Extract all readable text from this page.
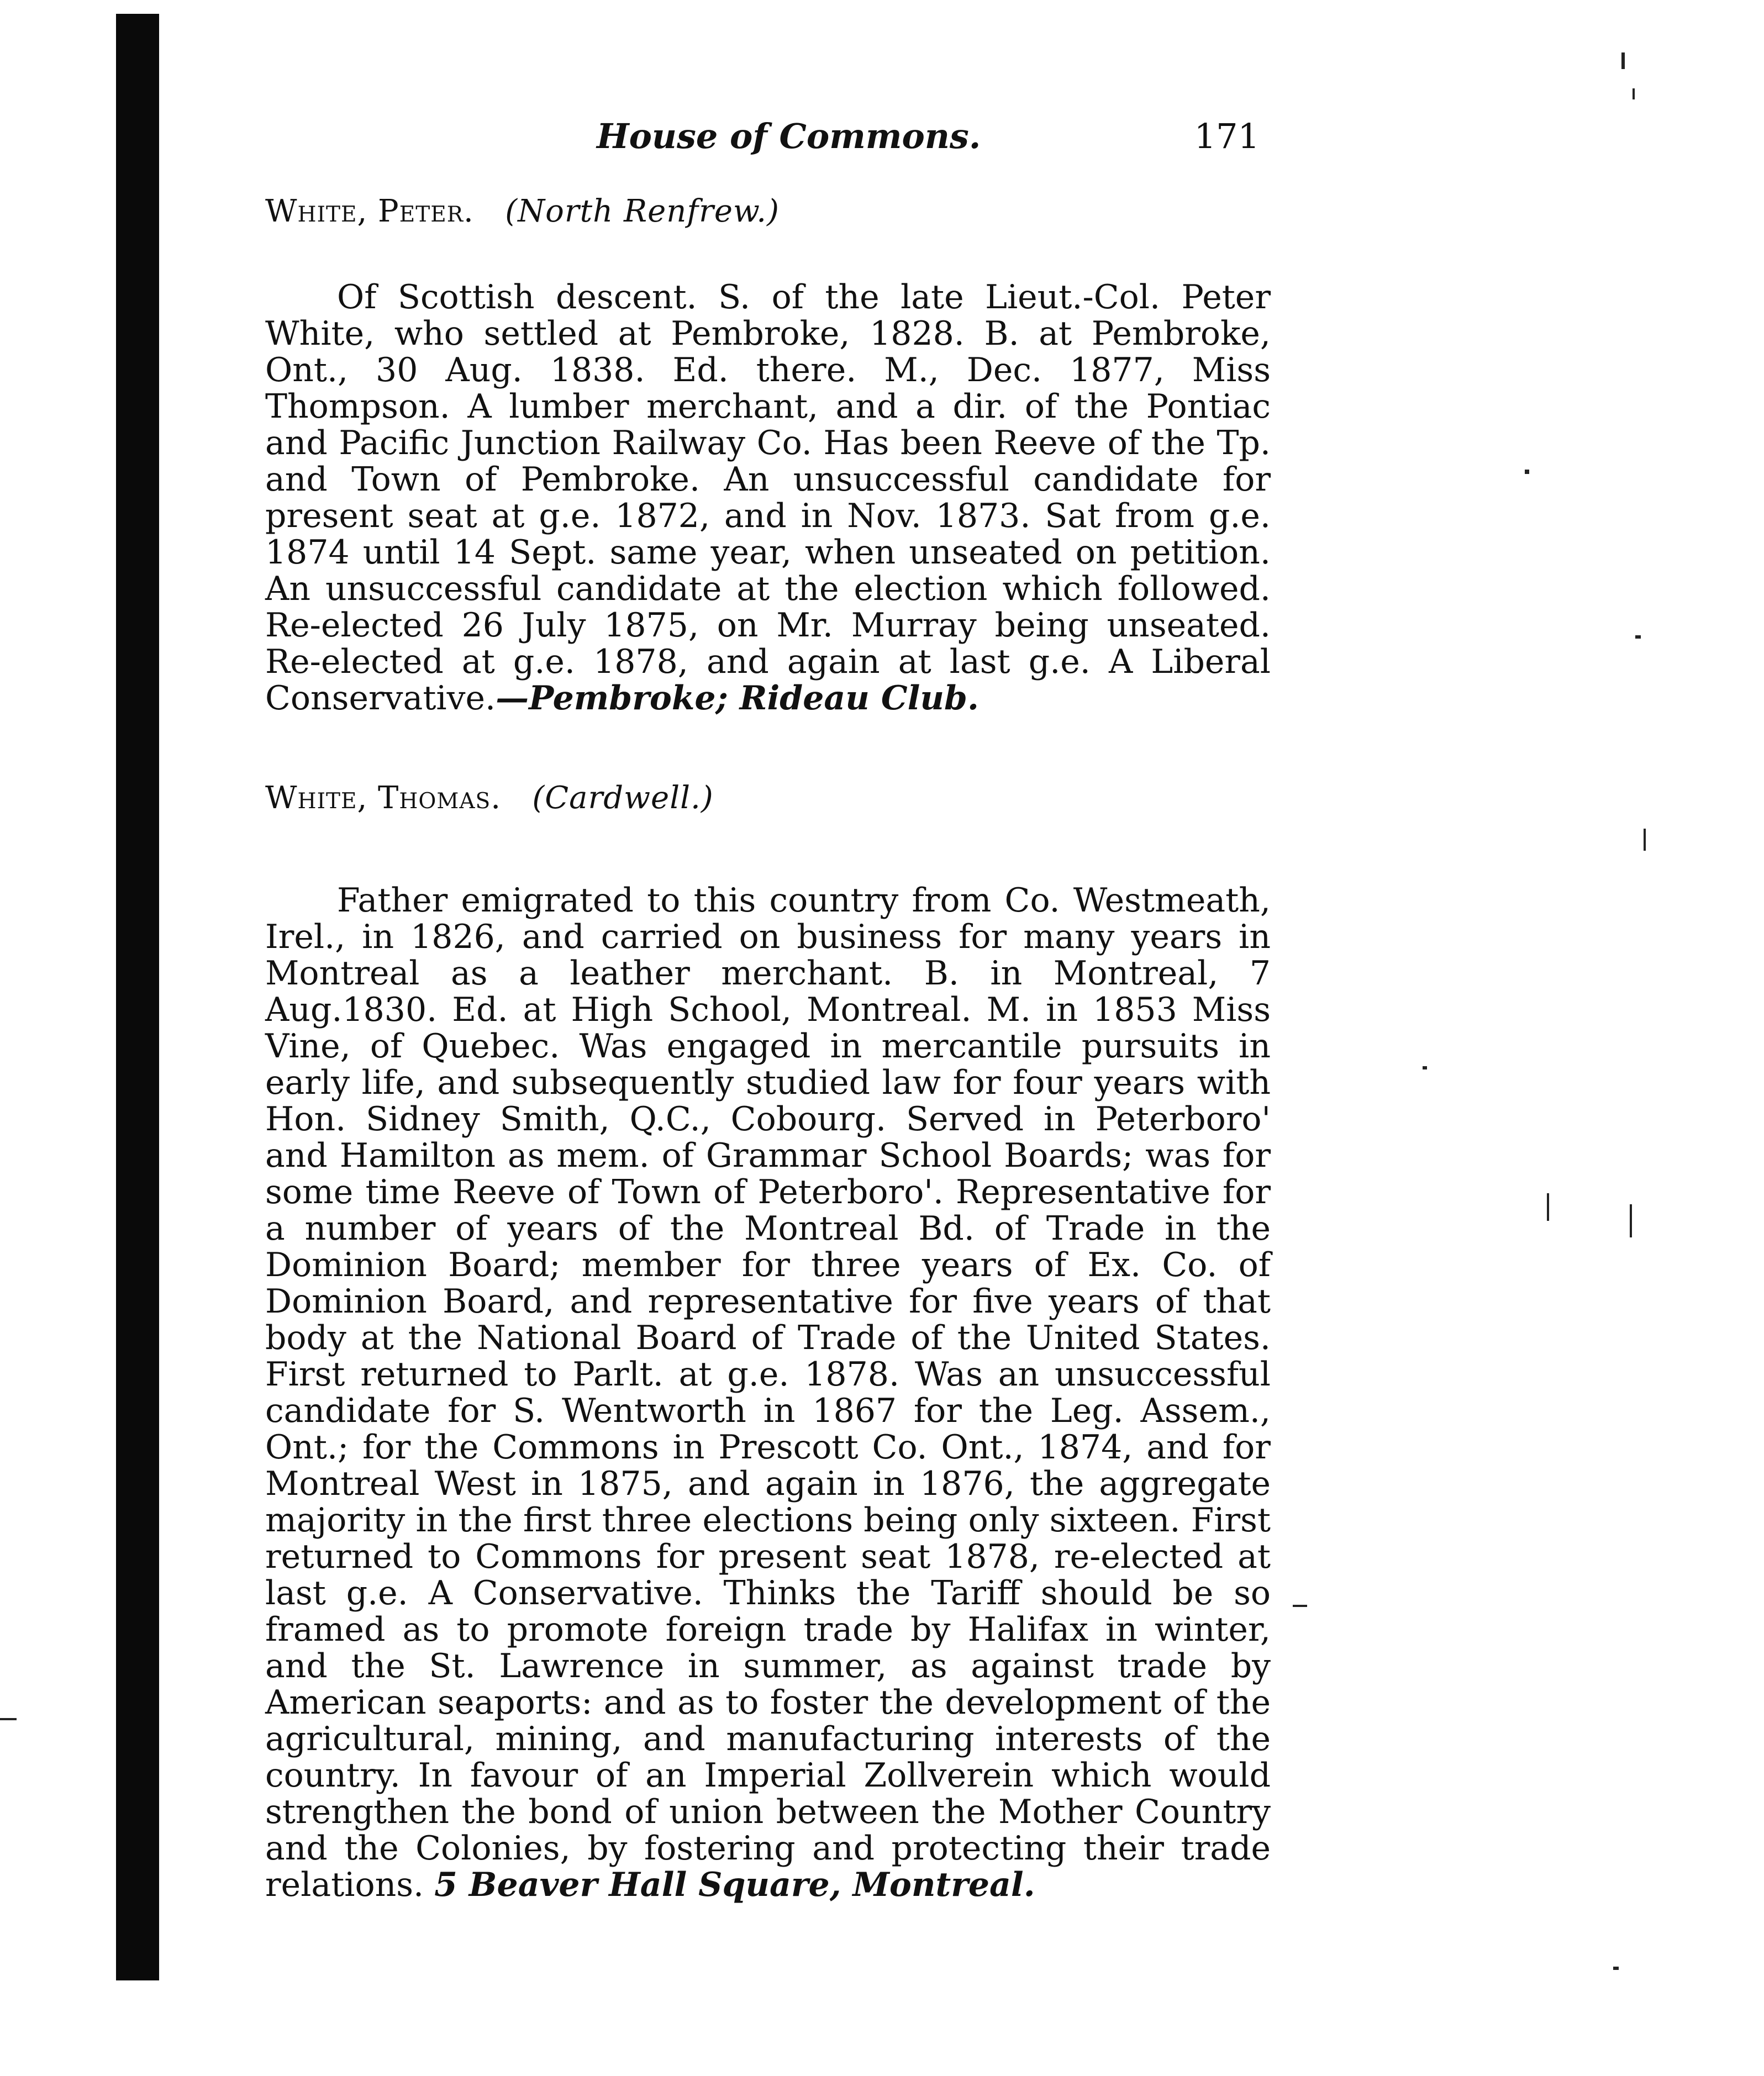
House of Commons.	171
White, Peter. (North Renfrew.)

Of Scottish descent. S. of the late Lieut.-Col. Peter White, who settled at Pembroke, 1828. B. at Pembroke, Ont., 30 Aug. 1838. Ed. there. M., Dec. 1877, Miss Thompson. A lumber merchant, and a dir. of the Pontiac and Pacific Junction Railway Co. Has been Reeve of the Tp. and Town of Pembroke. An unsuccessful candidate for present seat at g.e. 1872, and in Nov. 1873. Sat from g.e. 1874 until 14 Sept. same year, when unseated on petition. An unsuccessful candidate at the election which followed. Re-elected 26 July 1875, on Mr. Murray being unseated. Re-elected at g.e. 1878, and again at last g.e. A Liberal Conservative.—Pembroke; Rideau Club.

White, Thomas. (Cardwell.)

Father emigrated to this country from Co. Westmeath, Irel., in 1826, and carried on business for many years in Montreal as a leather merchant. B. in Montreal, 7 Aug.1830. Ed. at High School, Montreal. M. in 1853 Miss Vine, of Quebec. Was engaged in mercantile pursuits in early life, and subsequently studied law for four years with Hon. Sidney Smith, Q.C., Cobourg. Served in Peterboro' and Hamilton as mem. of Grammar School Boards; was for some time Reeve of Town of Peterboro'. Representative for a number of years of the Montreal Bd. of Trade in the Dominion Board; member for three years of Ex. Co. of Dominion Board, and representative for five years of that body at the National Board of Trade of the United States. First returned to Parlt. at g.e. 1878. Was an unsuccessful candidate for S. Wentworth in 1867 for the Leg. Assem., Ont.; for the Commons in Prescott Co. Ont., 1874, and for Montreal West in 1875, and again in 1876, the aggregate majority in the first three elections being only sixteen. First returned to Commons for present seat 1878, re-elected at last g.e. A Conservative. Thinks the Tariff should be so framed as to promote foreign trade by Halifax in winter, and the St. Lawrence in summer, as against trade by American seaports: and as to foster the development of the agricultural, mining, and manufacturing interests of the country. In favour of an Imperial Zollverein which would strengthen the bond of union between the Mother Country and the Colonies, by fostering and protecting their trade relations. 5 Beaver Hall Square, Montreal.
